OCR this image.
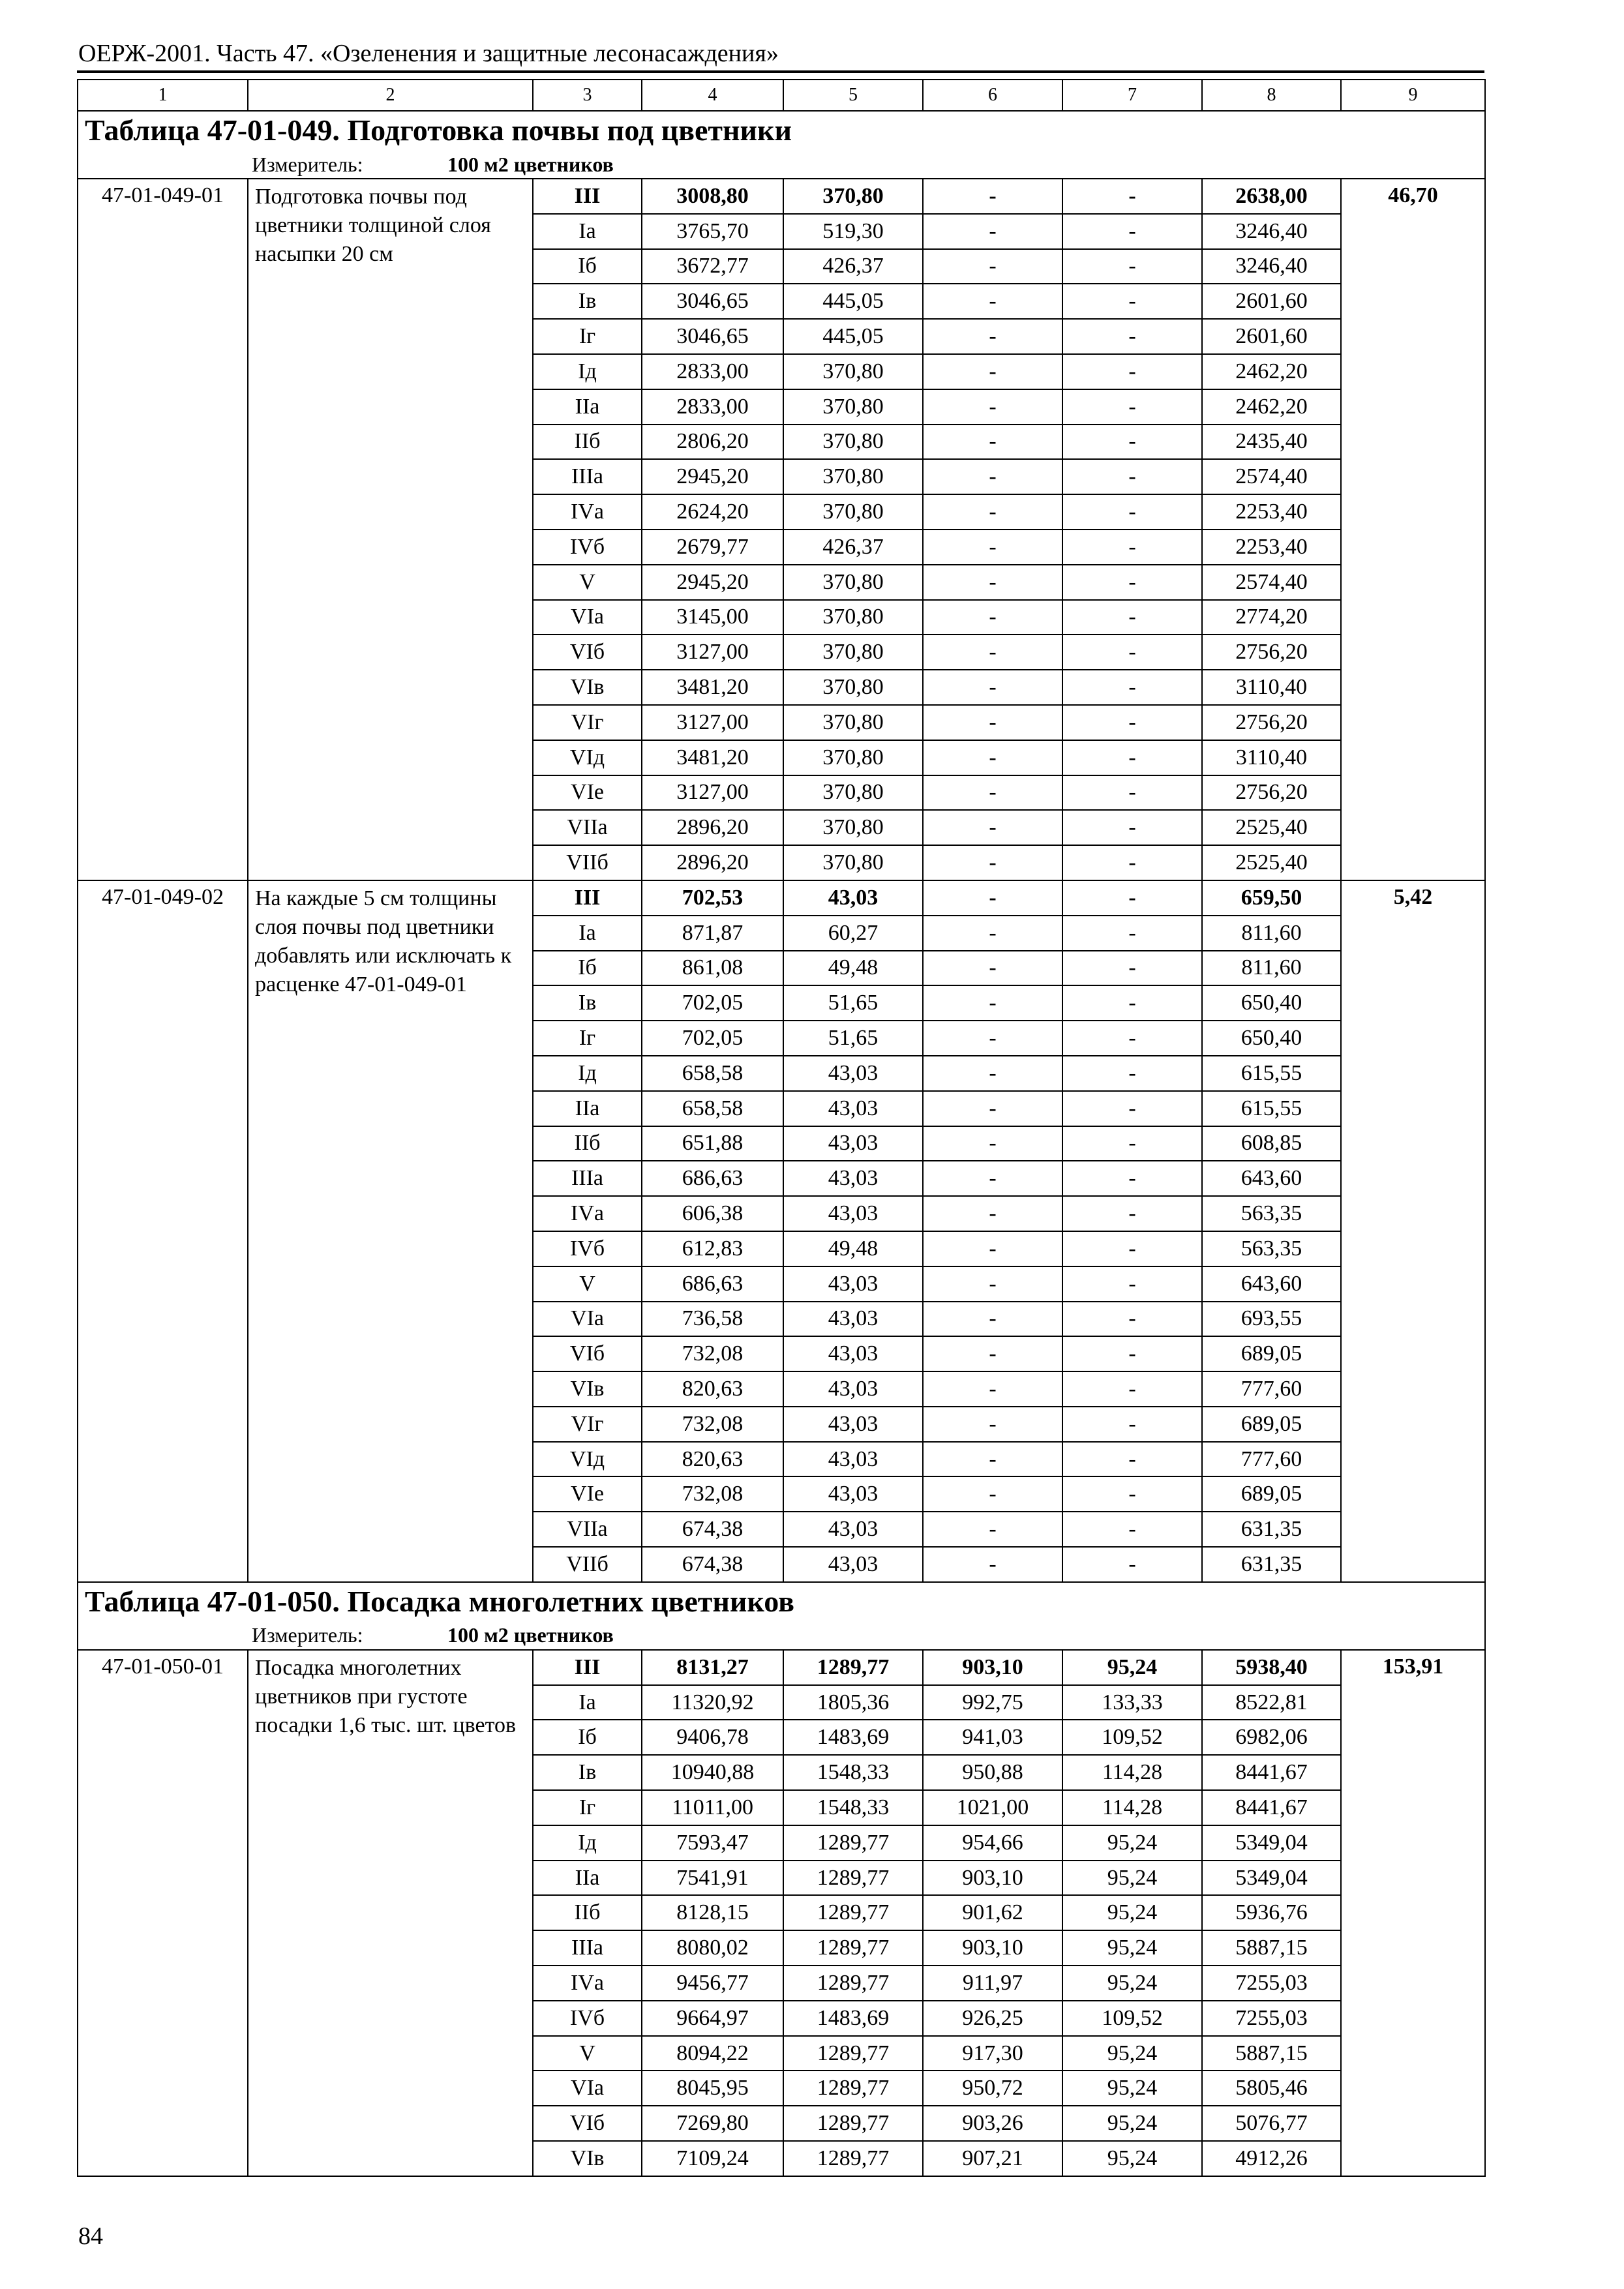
ОЕРЖ-2001. Часть 47. «Озеленения и защитные лесонасаждения»
1	2	3	4	5	6	7	8	9
Таблица 47-01-049. Подготовка почвы под цветники								
Измеритель: 100 м2 цветников								
47-01-049-01	Подготовка почвы под цветники толщиной слоя насыпки 20 см	III	3008,80	370,80	-	-	2638,00	46,70
		Iа	3765,70	519,30	-	-	3246,40	
		Iб	3672,77	426,37	-	-	3246,40	
		Iв	3046,65	445,05	-	-	2601,60	
		Iг	3046,65	445,05	-	-	2601,60	
		Iд	2833,00	370,80	-	-	2462,20	
		IIа	2833,00	370,80	-	-	2462,20	
		IIб	2806,20	370,80	-	-	2435,40	
		IIIа	2945,20	370,80	-	-	2574,40	
		IVа	2624,20	370,80	-	-	2253,40	
		IVб	2679,77	426,37	-	-	2253,40	
		V	2945,20	370,80	-	-	2574,40	
		VIа	3145,00	370,80	-	-	2774,20	
		VIб	3127,00	370,80	-	-	2756,20	
		VIв	3481,20	370,80	-	-	3110,40	
		VIг	3127,00	370,80	-	-	2756,20	
		VIд	3481,20	370,80	-	-	3110,40	
		VIе	3127,00	370,80	-	-	2756,20	
		VIIа	2896,20	370,80	-	-	2525,40	
		VIIб	2896,20	370,80	-	-	2525,40	
47-01-049-02	На каждые 5 см толщины слоя почвы под цветники добавлять или исключать к расценке 47-01-049-01	III	702,53	43,03	-	-	659,50	5,42
		Iа	871,87	60,27	-	-	811,60	
		Iб	861,08	49,48	-	-	811,60	
		Iв	702,05	51,65	-	-	650,40	
		Iг	702,05	51,65	-	-	650,40	
		Iд	658,58	43,03	-	-	615,55	
		IIа	658,58	43,03	-	-	615,55	
		IIб	651,88	43,03	-	-	608,85	
		IIIа	686,63	43,03	-	-	643,60	
		IVа	606,38	43,03	-	-	563,35	
		IVб	612,83	49,48	-	-	563,35	
		V	686,63	43,03	-	-	643,60	
		VIа	736,58	43,03	-	-	693,55	
		VIб	732,08	43,03	-	-	689,05	
		VIв	820,63	43,03	-	-	777,60	
		VIг	732,08	43,03	-	-	689,05	
		VIд	820,63	43,03	-	-	777,60	
		VIе	732,08	43,03	-	-	689,05	
		VIIа	674,38	43,03	-	-	631,35	
		VIIб	674,38	43,03	-	-	631,35	
Таблица 47-01-050. Посадка многолетних цветников								
Измеритель: 100 м2 цветников								
47-01-050-01	Посадка многолетних цветников при густоте посадки 1,6 тыс. шт. цветов	III	8131,27	1289,77	903,10	95,24	5938,40	153,91
		Iа	11320,92	1805,36	992,75	133,33	8522,81	
		Iб	9406,78	1483,69	941,03	109,52	6982,06	
		Iв	10940,88	1548,33	950,88	114,28	8441,67	
		Iг	11011,00	1548,33	1021,00	114,28	8441,67	
		Iд	7593,47	1289,77	954,66	95,24	5349,04	
		IIа	7541,91	1289,77	903,10	95,24	5349,04	
		IIб	8128,15	1289,77	901,62	95,24	5936,76	
		IIIа	8080,02	1289,77	903,10	95,24	5887,15	
		IVа	9456,77	1289,77	911,97	95,24	7255,03	
		IVб	9664,97	1483,69	926,25	109,52	7255,03	
		V	8094,22	1289,77	917,30	95,24	5887,15	
		VIа	8045,95	1289,77	950,72	95,24	5805,46	
		VIб	7269,80	1289,77	903,26	95,24	5076,77	
		VIв	7109,24	1289,77	907,21	95,24	4912,26	
84
